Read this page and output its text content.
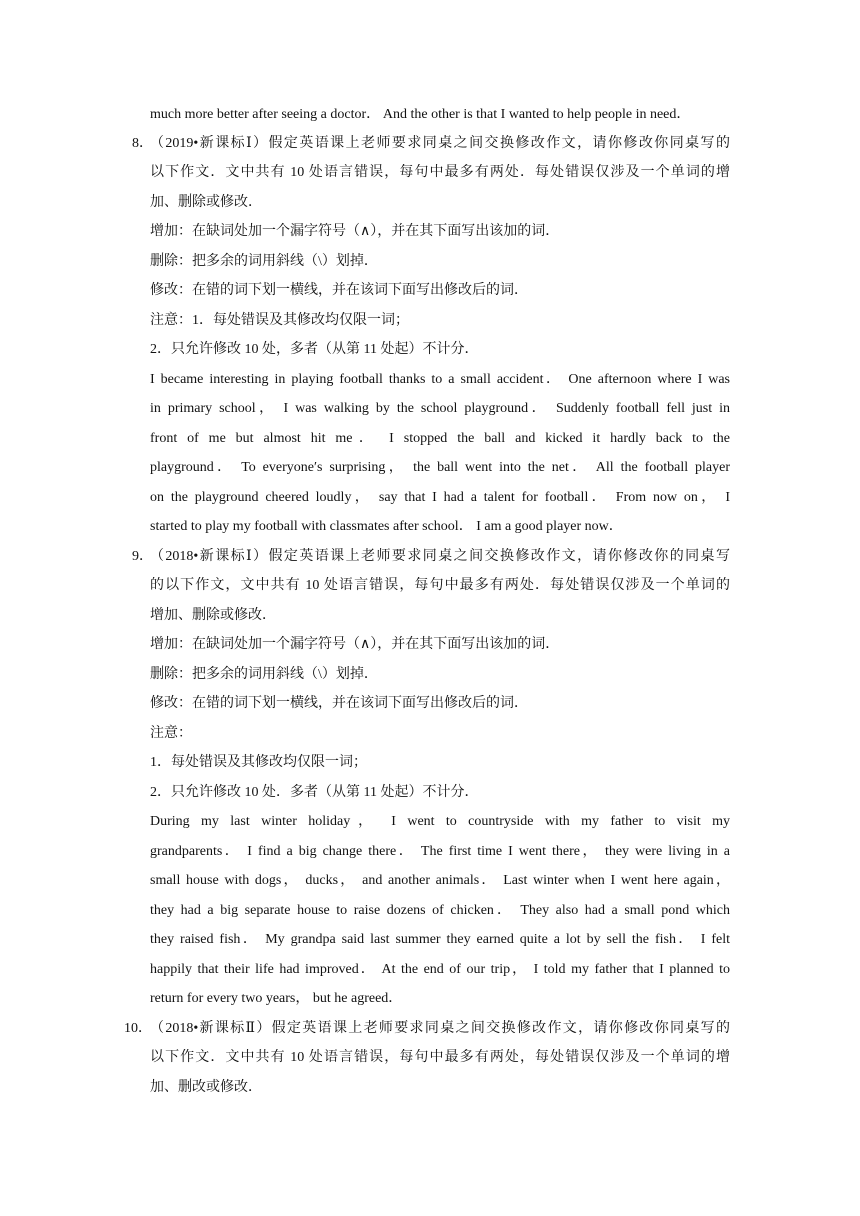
much more better after seeing a doctor． And the other is that I wanted to help people in need．
8．
（2019•新课标Ⅰ）假定英语课上老师要求同桌之间交换修改作文，请你修改你同桌写的
以下作文．文中共有 10 处语言错误，每句中最多有两处．每处错误仅涉及一个单词的增
加、删除或修改．
增加：在缺词处加一个漏字符号（∧），并在其下面写出该加的词．
删除：把多余的词用斜线（\）划掉．
修改：在错的词下划一横线，并在该词下面写出修改后的词．
注意：1．每处错误及其修改均仅限一词；
2．只允许修改 10 处，多者（从第 11 处起）不计分．
I became interesting in playing football thanks to a small accident． One afternoon where I was
in primary school， I was walking by the school playground． Suddenly football fell just in
front of me but almost hit me． I stopped the ball and kicked it hardly back to the
playground． To everyone′s surprising， the ball went into the net． All the football player
on the playground cheered loudly， say that I had a talent for football． From now on， I
started to play my football with classmates after school． I am a good player now．
9．
（2018•新课标Ⅰ）假定英语课上老师要求同桌之间交换修改作文，请你修改你的同桌写
的以下作文，文中共有 10 处语言错误，每句中最多有两处．每处错误仅涉及一个单词的
增加、删除或修改．
增加：在缺词处加一个漏字符号（∧），并在其下面写出该加的词．
删除：把多余的词用斜线（\）划掉．
修改：在错的词下划一横线，并在该词下面写出修改后的词．
注意：
1．每处错误及其修改均仅限一词；
2．只允许修改 10 处．多者（从第 11 处起）不计分．
During my last winter holiday， I went to countryside with my father to visit my
grandparents． I find a big change there． The first time I went there， they were living in a
small house with dogs， ducks， and another animals． Last winter when I went here again，
they had a big separate house to raise dozens of chicken． They also had a small pond which
they raised fish． My grandpa said last summer they earned quite a lot by sell the fish． I felt
happily that their life had improved． At the end of our trip， I told my father that I planned to
return for every two years， but he agreed．
10．
（2018•新课标Ⅱ）假定英语课上老师要求同桌之间交换修改作文，请你修改你同桌写的
以下作文．文中共有 10 处语言错误，每句中最多有两处，每处错误仅涉及一个单词的增
加、删改或修改．
